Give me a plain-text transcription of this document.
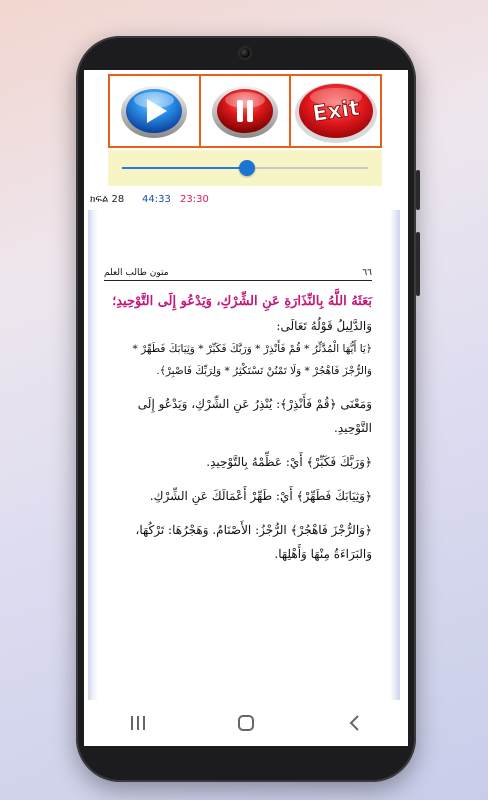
Exit
ክፍል 28 44:33 23:30
٦٦
متون طالب العلم

بَعَثَهُ اللَّهُ بِالنِّذَارَةِ عَنِ الشِّرْكِ، وَيَدْعُو إِلَى التَّوْحِيدِ؛ وَالدَّلِيلُ قَوْلُهُ تَعَالَى:

﴿يَا أَيُّهَا الْمُدَّثِّرُ * قُمْ فَأَنْذِرْ * وَرَبَّكَ فَكَبِّرْ * وَثِيَابَكَ فَطَهِّرْ * وَالرُّجْزَ فَاهْجُرْ * وَلَا تَمْنُنْ تَسْتَكْثِرُ * وَلِرَبِّكَ فَاصْبِرْ﴾.

وَمَعْنَى ﴿قُمْ فَأَنْذِرْ﴾: يُنْذِرُ عَنِ الشِّرْكِ، وَيَدْعُو إِلَى التَّوْحِيدِ.

﴿وَرَبَّكَ فَكَبِّرْ﴾ أَيْ: عَظِّمْهُ بِالتَّوْحِيدِ.

﴿وَثِيَابَكَ فَطَهِّرْ﴾ أَيْ: طَهِّرْ أَعْمَالَكَ عَنِ الشِّرْكِ.

﴿وَالرُّجْزَ فَاهْجُرْ﴾ الرُّجْزُ: الأَصْنَامُ. وَهَجْرُهَا: تَرْكُهَا، وَالبَرَاءَةُ مِنْهَا وَأَهْلِهَا.
